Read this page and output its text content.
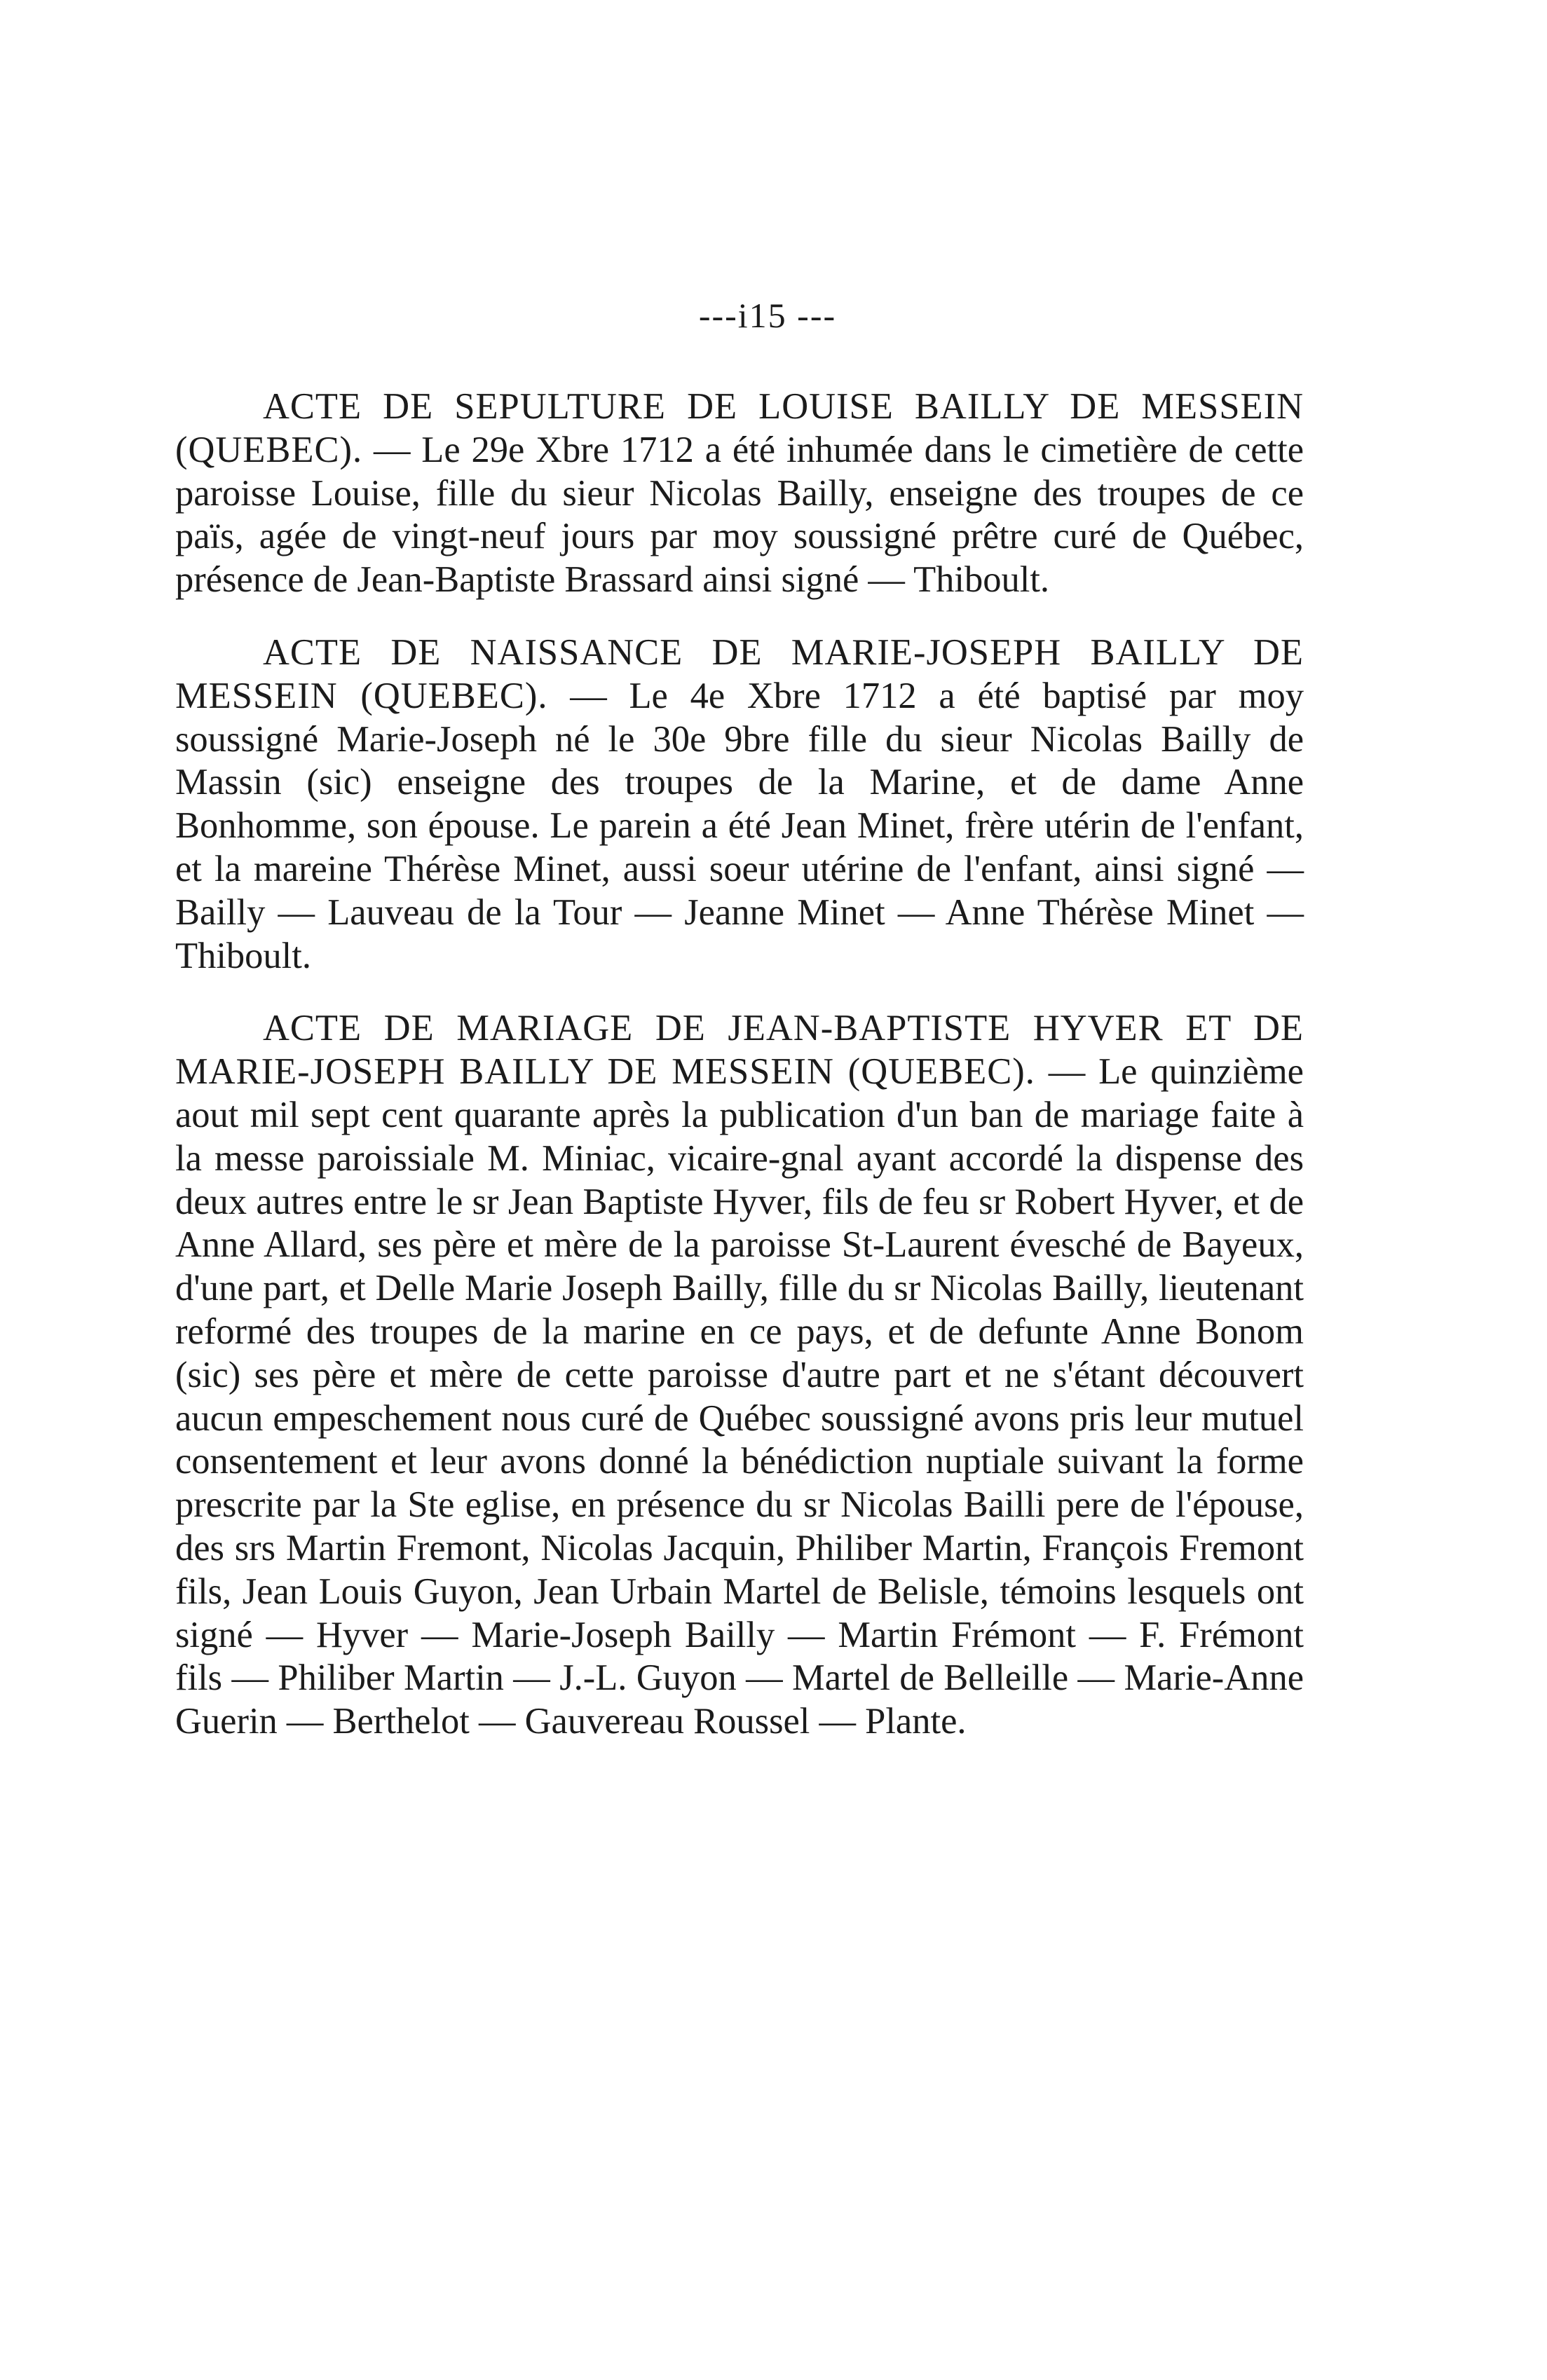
---i15 ---

ACTE DE SEPULTURE DE LOUISE BAILLY DE MESSEIN (QUEBEC). — Le 29e Xbre 1712 a été inhumée dans le cimetière de cette paroisse Louise, fille du sieur Nicolas Bailly, enseigne des troupes de ce païs, agée de vingt-neuf jours par moy soussigné prêtre curé de Québec, présence de Jean-Baptiste Brassard ainsi signé — Thiboult.

ACTE DE NAISSANCE DE MARIE-JOSEPH BAILLY DE MESSEIN (QUEBEC). — Le 4e Xbre 1712 a été baptisé par moy soussigné Marie-Joseph né le 30e 9bre fille du sieur Nicolas Bailly de Massin (sic) enseigne des troupes de la Marine, et de dame Anne Bonhomme, son épouse. Le parein a été Jean Minet, frère utérin de l'enfant, et la mareine Thérèse Minet, aussi soeur utérine de l'enfant, ainsi signé — Bailly — Lauveau de la Tour — Jeanne Minet — Anne Thérèse Minet — Thiboult.

ACTE DE MARIAGE DE JEAN-BAPTISTE HYVER ET DE MARIE-JOSEPH BAILLY DE MESSEIN (QUEBEC). — Le quinzième aout mil sept cent quarante après la publication d'un ban de mariage faite à la messe paroissiale M. Miniac, vicaire-gnal ayant accordé la dispense des deux autres entre le sr Jean Baptiste Hyver, fils de feu sr Robert Hyver, et de Anne Allard, ses père et mère de la paroisse St-Laurent évesché de Bayeux, d'une part, et Delle Marie Joseph Bailly, fille du sr Nicolas Bailly, lieutenant reformé des troupes de la marine en ce pays, et de defunte Anne Bonom (sic) ses père et mère de cette paroisse d'autre part et ne s'étant découvert aucun empeschement nous curé de Québec soussigné avons pris leur mutuel consentement et leur avons donné la bénédiction nuptiale suivant la forme prescrite par la Ste eglise, en présence du sr Nicolas Bailli pere de l'épouse, des srs Martin Fremont, Nicolas Jacquin, Philiber Martin, François Fremont fils, Jean Louis Guyon, Jean Urbain Martel de Belisle, témoins lesquels ont signé — Hyver — Marie-Joseph Bailly — Martin Frémont — F. Frémont fils — Philiber Martin — J.-L. Guyon — Martel de Belleille — Marie-Anne Guerin — Berthelot — Gauvereau Roussel — Plante.
